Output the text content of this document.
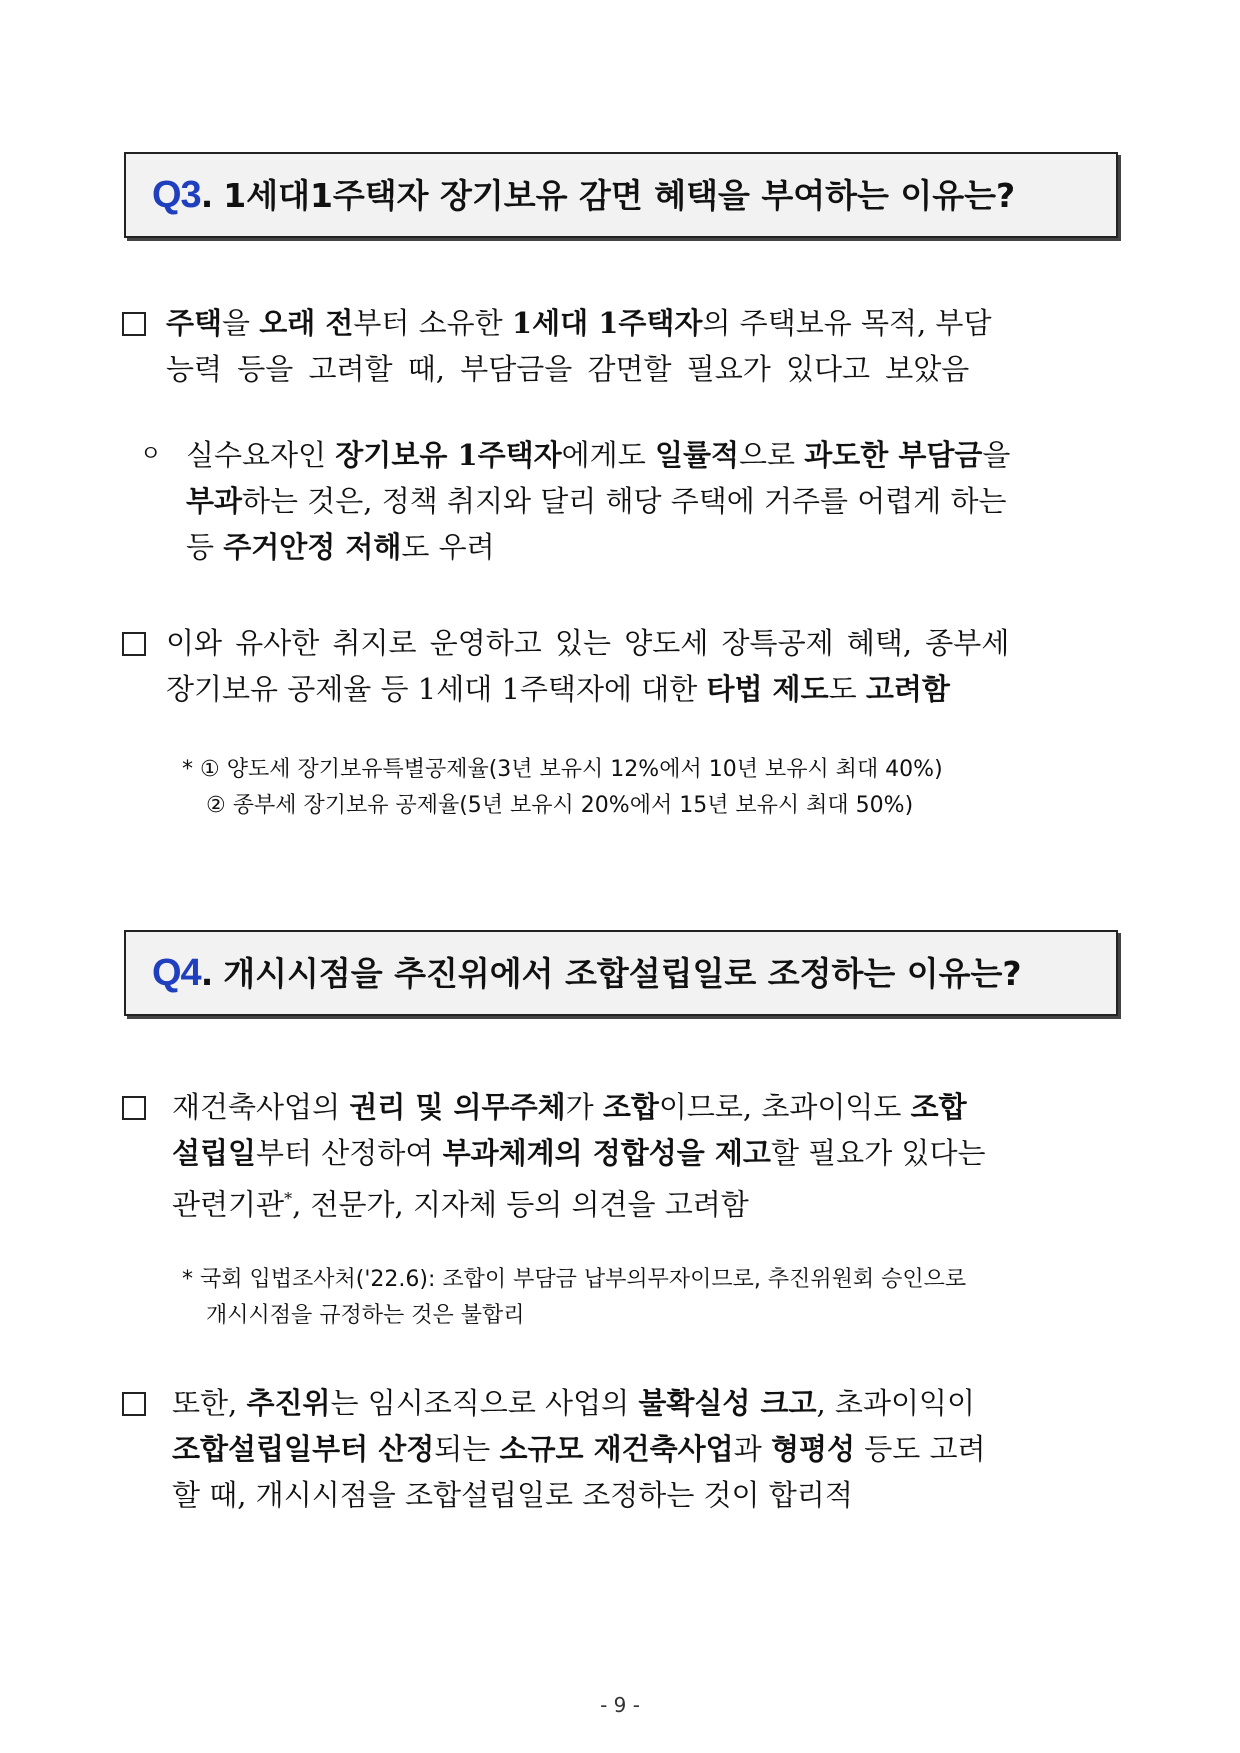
Q3. 1세대1주택자 장기보유 감면 혜택을 부여하는 이유는?
주택을 오래 전부터 소유한 1세대 1주택자의 주택보유 목적, 부담
능력 등을 고려할 때, 부담금을 감면할 필요가 있다고 보았음
ㅇ 실수요자인 장기보유 1주택자에게도 일률적으로 과도한 부담금을
부과하는 것은, 정책 취지와 달리 해당 주택에 거주를 어렵게 하는
등 주거안정 저해도 우려
이와 유사한 취지로 운영하고 있는 양도세 장특공제 혜택, 종부세
장기보유 공제율 등 1세대 1주택자에 대한 타법 제도도 고려함
* ① 양도세 장기보유특별공제율(3년 보유시 12%에서 10년 보유시 최대 40%)
② 종부세 장기보유 공제율(5년 보유시 20%에서 15년 보유시 최대 50%)
Q4. 개시시점을 추진위에서 조합설립일로 조정하는 이유는?
재건축사업의 권리 및 의무주체가 조합이므로, 초과이익도 조합
설립일부터 산정하여 부과체계의 정합성을 제고할 필요가 있다는
관련기관*, 전문가, 지자체 등의 의견을 고려함
* 국회 입법조사처('22.6): 조합이 부담금 납부의무자이므로, 추진위원회 승인으로
개시시점을 규정하는 것은 불합리
또한, 추진위는 임시조직으로 사업의 불확실성 크고, 초과이익이
조합설립일부터 산정되는 소규모 재건축사업과 형평성 등도 고려
할 때, 개시시점을 조합설립일로 조정하는 것이 합리적
- 9 -
